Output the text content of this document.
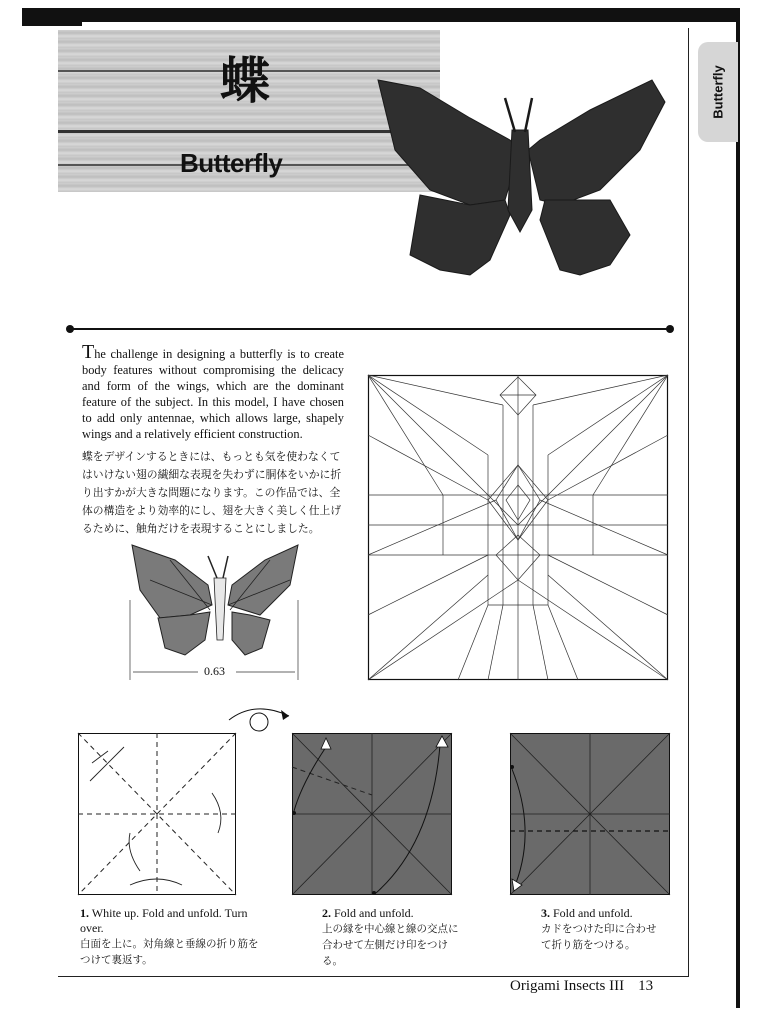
Butterfly
蝶
Butterfly
The challenge in designing a butterfly is to create body features without compromising the delicacy and form of the wings, which are the dominant feature of the subject. In this model, I have chosen to add only antennae, which allows large, shapely wings and a relatively efficient construction.
蝶をデザインするときには、もっとも気を使わなくてはいけない翅の繊細な表現を失わずに胴体をいかに折り出すかが大きな問題になります。この作品では、全体の構造をより効率的にし、翅を大きく美しく仕上げるために、触角だけを表現することにしました。
0.63
1. White up. Fold and unfold. Turn over.
白面を上に。対角線と垂線の折り筋をつけて裏返す。
2. Fold and unfold.
上の縁を中心線と線の交点に合わせて左側だけ印をつける。
3. Fold and unfold.
カドをつけた印に合わせて折り筋をつける。
Origami Insects III 13
